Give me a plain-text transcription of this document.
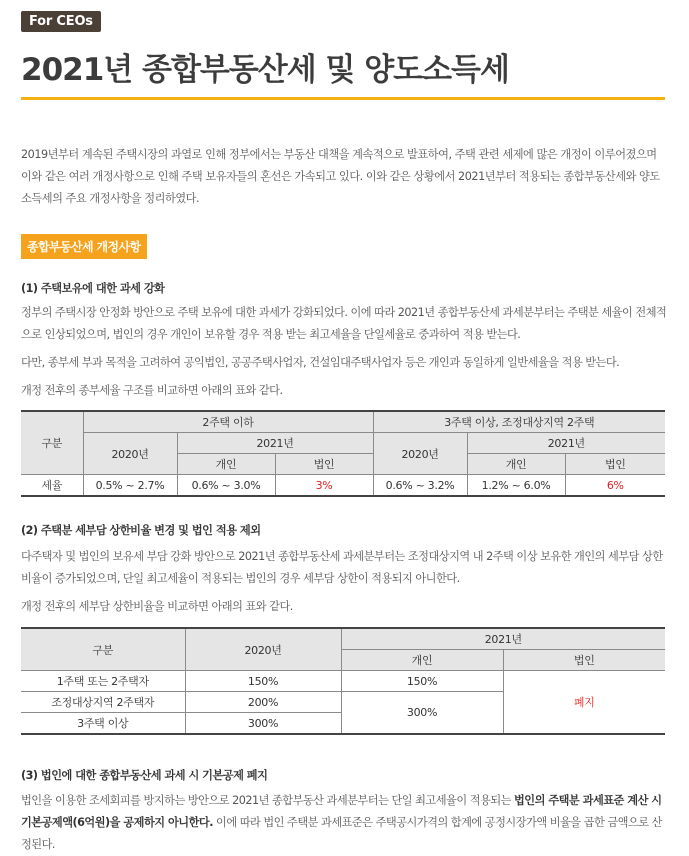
For CEOs
2021년 종합부동산세 및 양도소득세
2019년부터 계속된 주택시장의 과열로 인해 정부에서는 부동산 대책을 계속적으로 발표하여, 주택 관련 세제에 많은 개정이 이루어졌으며 이와 같은 여러 개정사항으로 인해 주택 보유자들의 혼선은 가속되고 있다. 이와 같은 상황에서 2021년부터 적용되는 종합부동산세와 양도소득세의 주요 개정사항을 정리하였다.
종합부동산세 개정사항
(1) 주택보유에 대한 과세 강화
정부의 주택시장 안정화 방안으로 주택 보유에 대한 과세가 강화되었다. 이에 따라 2021년 종합부동산세 과세분부터는 주택분 세율이 전체적으로 인상되었으며, 법인의 경우 개인이 보유할 경우 적용 받는 최고세율을 단일세율로 중과하여 적용 받는다.
다만, 종부세 부과 목적을 고려하여 공익법인, 공공주택사업자, 건설임대주택사업자 등은 개인과 동일하게 일반세율을 적용 받는다.
개정 전후의 종부세율 구조를 비교하면 아래의 표와 같다.
구분	2주택 이하			3주택 이상, 조정대상지역 2주택		
	2020년	2021년		2020년	2021년	
		개인	법인		개인	법인
세율	0.5% ~ 2.7%	0.6% ~ 3.0%	3%	0.6% ~ 3.2%	1.2% ~ 6.0%	6%
(2) 주택분 세부담 상한비율 변경 및 법인 적용 제외
다주택자 및 법인의 보유세 부담 강화 방안으로 2021년 종합부동산세 과세분부터는 조정대상지역 내 2주택 이상 보유한 개인의 세부담 상한비율이 증가되었으며, 단일 최고세율이 적용되는 법인의 경우 세부담 상한이 적용되지 아니한다.
개정 전후의 세부담 상한비율을 비교하면 아래의 표와 같다.
구분	2020년	2021년	
		개인	법인
1주택 또는 2주택자	150%	150%	폐지
조정대상지역 2주택자	200%	300%	
3주택 이상	300%		
(3) 법인에 대한 종합부동산세 과세 시 기본공제 폐지
법인을 이용한 조세회피를 방지하는 방안으로 2021년 종합부동산 과세분부터는 단일 최고세율이 적용되는 법인의 주택분 과세표준 계산 시 기본공제액(6억원)을 공제하지 아니한다. 이에 따라 법인 주택분 과세표준은 주택공시가격의 합계에 공정시장가액 비율을 곱한 금액으로 산정된다.
